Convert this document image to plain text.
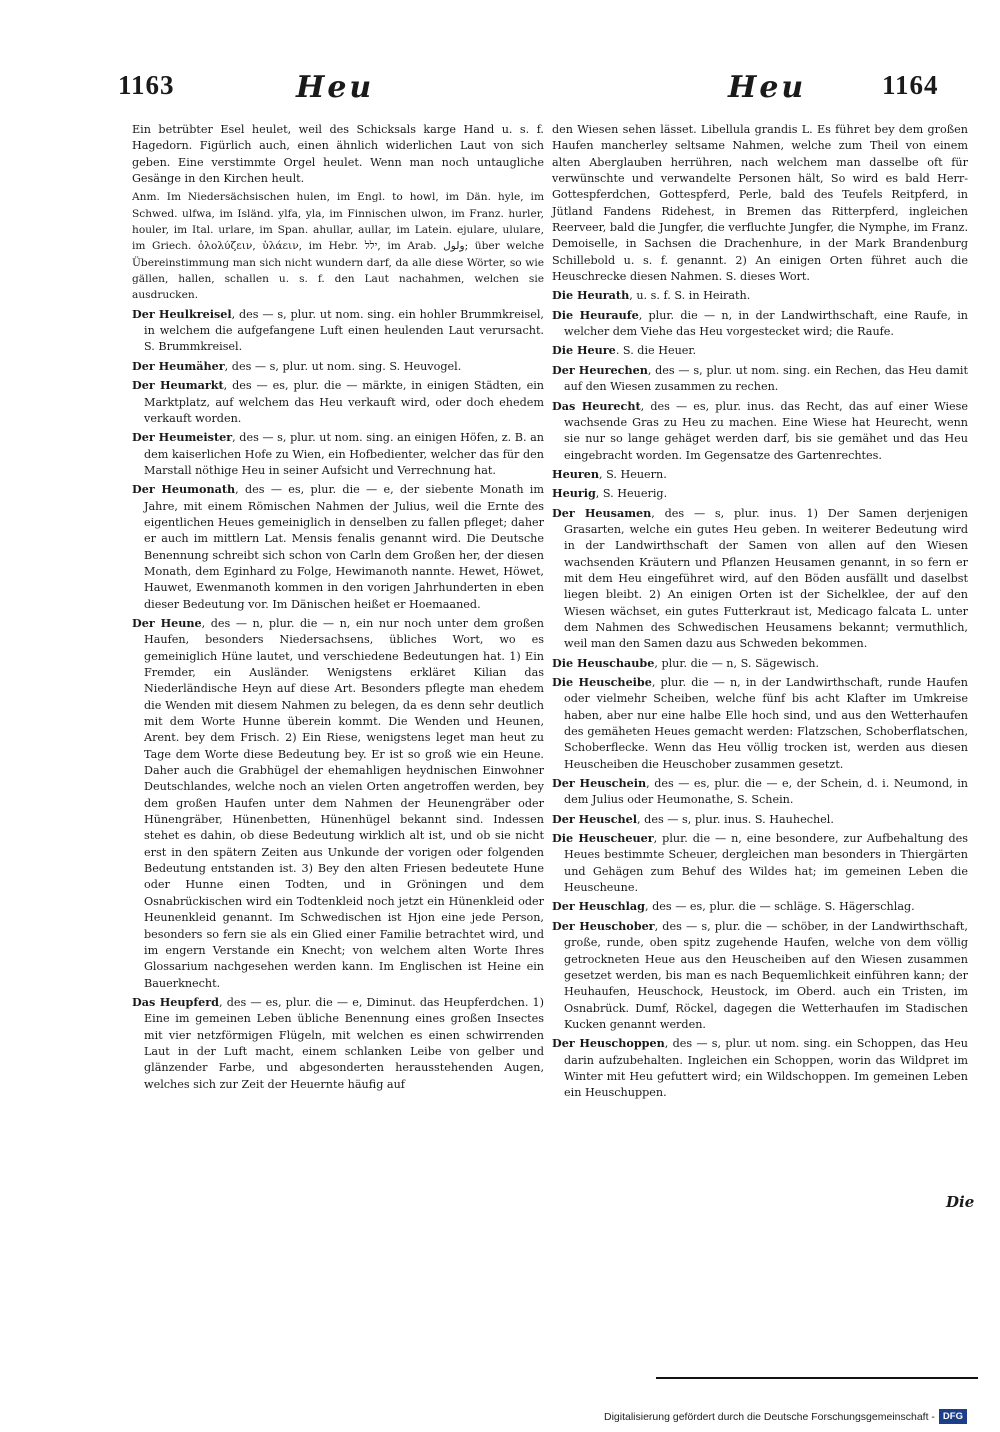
1163	Heu	Heu	1164

Ein betrübter Esel heulet, weil des Schicksals karge Hand u. s. f. Hagedorn. Figürlich auch, einen ähnlich widerlichen Laut von sich geben. Eine verstimmte Orgel heulet. Wenn man noch untaugliche Gesänge in den Kirchen heult.

Anm. Im Niedersächsischen hulen, im Engl. to howl, im Dän. hyle, im Schwed. ulfwa, im Isländ. ylfa, yla, im Finnischen ulwon, im Franz. hurler, houler, im Ital. urlare, im Span. ahullar, aullar, im Latein. ejulare, ululare, im Griech. ὀλολύζειν, ὑλάειν, im Hebr. ילל, im Arab. ولول; über welche Übereinstimmung man sich nicht wundern darf, da alle diese Wörter, so wie gällen, hallen, schallen u. s. f. den Laut nachahmen, welchen sie ausdrucken.

Der Heulkreisel, des — s, plur. ut nom. sing. ein hohler Brummkreisel, in welchem die aufgefangene Luft einen heulenden Laut verursacht. S. Brummkreisel.

Der Heumäher, des — s, plur. ut nom. sing. S. Heuvogel.

Der Heumarkt, des — es, plur. die — märkte, in einigen Städten, ein Marktplatz, auf welchem das Heu verkauft wird, oder doch ehedem verkauft worden.

Der Heumeister, des — s, plur. ut nom. sing. an einigen Höfen, z. B. an dem kaiserlichen Hofe zu Wien, ein Hofbedienter, welcher das für den Marstall nöthige Heu in seiner Aufsicht und Verrechnung hat.

Der Heumonath, des — es, plur. die — e, der siebente Monath im Jahre, mit einem Römischen Nahmen der Julius, weil die Ernte des eigentlichen Heues gemeiniglich in denselben zu fallen pfleget; daher er auch im mittlern Lat. Mensis fenalis genannt wird. Die Deutsche Benennung schreibt sich schon von Carln dem Großen her, der diesen Monath, dem Eginhard zu Folge, Hewimanoth nannte. Hewet, Höwet, Hauwet, Ewenmanoth kommen in den vorigen Jahrhunderten in eben dieser Bedeutung vor. Im Dänischen heißet er Hoemaaned.

Der Heune, des — n, plur. die — n, ein nur noch unter dem großen Haufen, besonders Niedersachsens, übliches Wort, wo es gemeiniglich Hüne lautet, und verschiedene Bedeutungen hat. 1) Ein Fremder, ein Ausländer. Wenigstens erkläret Kilian das Niederländische Heyn auf diese Art. Besonders pflegte man ehedem die Wenden mit diesem Nahmen zu belegen, da es denn sehr deutlich mit dem Worte Hunne überein kommt. Die Wenden und Heunen, Arent. bey dem Frisch. 2) Ein Riese, wenigstens leget man heut zu Tage dem Worte diese Bedeutung bey. Er ist so groß wie ein Heune. Daher auch die Grabhügel der ehemahligen heydnischen Einwohner Deutschlandes, welche noch an vielen Orten angetroffen werden, bey dem großen Haufen unter dem Nahmen der Heunengräber oder Hünengräber, Hünenbetten, Hünenhügel bekannt sind. Indessen stehet es dahin, ob diese Bedeutung wirklich alt ist, und ob sie nicht erst in den spätern Zeiten aus Unkunde der vorigen oder folgenden Bedeutung entstanden ist. 3) Bey den alten Friesen bedeutete Hune oder Hunne einen Todten, und in Gröningen und dem Osnabrückischen wird ein Todtenkleid noch jetzt ein Hünenkleid oder Heunenkleid genannt. Im Schwedischen ist Hjon eine jede Person, besonders so fern sie als ein Glied einer Familie betrachtet wird, und im engern Verstande ein Knecht; von welchem alten Worte Ihres Glossarium nachgesehen werden kann. Im Englischen ist Heine ein Bauerknecht.

Das Heupferd, des — es, plur. die — e, Diminut. das Heupferdchen. 1) Eine im gemeinen Leben übliche Benennung eines großen Insectes mit vier netzförmigen Flügeln, mit welchen es einen schwirrenden Laut in der Luft macht, einem schlanken Leibe von gelber und glänzender Farbe, und abgesonderten herausstehenden Augen, welches sich zur Zeit der Heuernte häufig auf

den Wiesen sehen lässet. Libellula grandis L. Es führet bey dem großen Haufen mancherley seltsame Nahmen, welche zum Theil von einem alten Aberglauben herrühren, nach welchem man dasselbe oft für verwünschte und verwandelte Personen hält, So wird es bald Herr-Gottespferdchen, Gottespferd, Perle, bald des Teufels Reitpferd, in Jütland Fandens Ridehest, in Bremen das Ritterpferd, ingleichen Reerveer, bald die Jungfer, die verfluchte Jungfer, die Nymphe, im Franz. Demoiselle, in Sachsen die Drachenhure, in der Mark Brandenburg Schillebold u. s. f. genannt. 2) An einigen Orten führet auch die Heuschrecke diesen Nahmen. S. dieses Wort.

Die Heurath, u. s. f. S. in Heirath.

Die Heuraufe, plur. die — n, in der Landwirthschaft, eine Raufe, in welcher dem Viehe das Heu vorgestecket wird; die Raufe.

Die Heure. S. die Heuer.

Der Heurechen, des — s, plur. ut nom. sing. ein Rechen, das Heu damit auf den Wiesen zusammen zu rechen.

Das Heurecht, des — es, plur. inus. das Recht, das auf einer Wiese wachsende Gras zu Heu zu machen. Eine Wiese hat Heurecht, wenn sie nur so lange gehäget werden darf, bis sie gemähet und das Heu eingebracht worden. Im Gegensatze des Gartenrechtes.

Heuren, S. Heuern.

Heurig, S. Heuerig.

Der Heusamen, des — s, plur. inus. 1) Der Samen derjenigen Grasarten, welche ein gutes Heu geben. In weiterer Bedeutung wird in der Landwirthschaft der Samen von allen auf den Wiesen wachsenden Kräutern und Pflanzen Heusamen genannt, in so fern er mit dem Heu eingeführet wird, auf den Böden ausfällt und daselbst liegen bleibt. 2) An einigen Orten ist der Sichelklee, der auf den Wiesen wächset, ein gutes Futterkraut ist, Medicago falcata L. unter dem Nahmen des Schwedischen Heusamens bekannt; vermuthlich, weil man den Samen dazu aus Schweden bekommen.

Die Heuschaube, plur. die — n, S. Sägewisch.

Die Heuscheibe, plur. die — n, in der Landwirthschaft, runde Haufen oder vielmehr Scheiben, welche fünf bis acht Klafter im Umkreise haben, aber nur eine halbe Elle hoch sind, und aus den Wetterhaufen des gemäheten Heues gemacht werden: Flatzschen, Schoberflatschen, Schoberflecke. Wenn das Heu völlig trocken ist, werden aus diesen Heuscheiben die Heuschober zusammen gesetzt.

Der Heuschein, des — es, plur. die — e, der Schein, d. i. Neumond, in dem Julius oder Heumonathe, S. Schein.

Der Heuschel, des — s, plur. inus. S. Hauhechel.

Die Heuscheuer, plur. die — n, eine besondere, zur Aufbehaltung des Heues bestimmte Scheuer, dergleichen man besonders in Thiergärten und Gehägen zum Behuf des Wildes hat; im gemeinen Leben die Heuscheune.

Der Heuschlag, des — es, plur. die — schläge. S. Hägerschlag.

Der Heuschober, des — s, plur. die — schöber, in der Landwirthschaft, große, runde, oben spitz zugehende Haufen, welche von dem völlig getrockneten Heue aus den Heuscheiben auf den Wiesen zusammen gesetzet werden, bis man es nach Bequemlichkeit einführen kann; der Heuhaufen, Heuschock, Heustock, im Oberd. auch ein Tristen, im Osnabrück. Dumf, Röckel, dagegen die Wetterhaufen im Stadischen Kucken genannt werden.

Der Heuschoppen, des — s, plur. ut nom. sing. ein Schoppen, das Heu darin aufzubehalten. Ingleichen ein Schoppen, worin das Wildpret im Winter mit Heu gefuttert wird; ein Wildschoppen. Im gemeinen Leben ein Heuschuppen.

Die
Digitalisierung gefördert durch die Deutsche Forschungsgemeinschaft - DFG
